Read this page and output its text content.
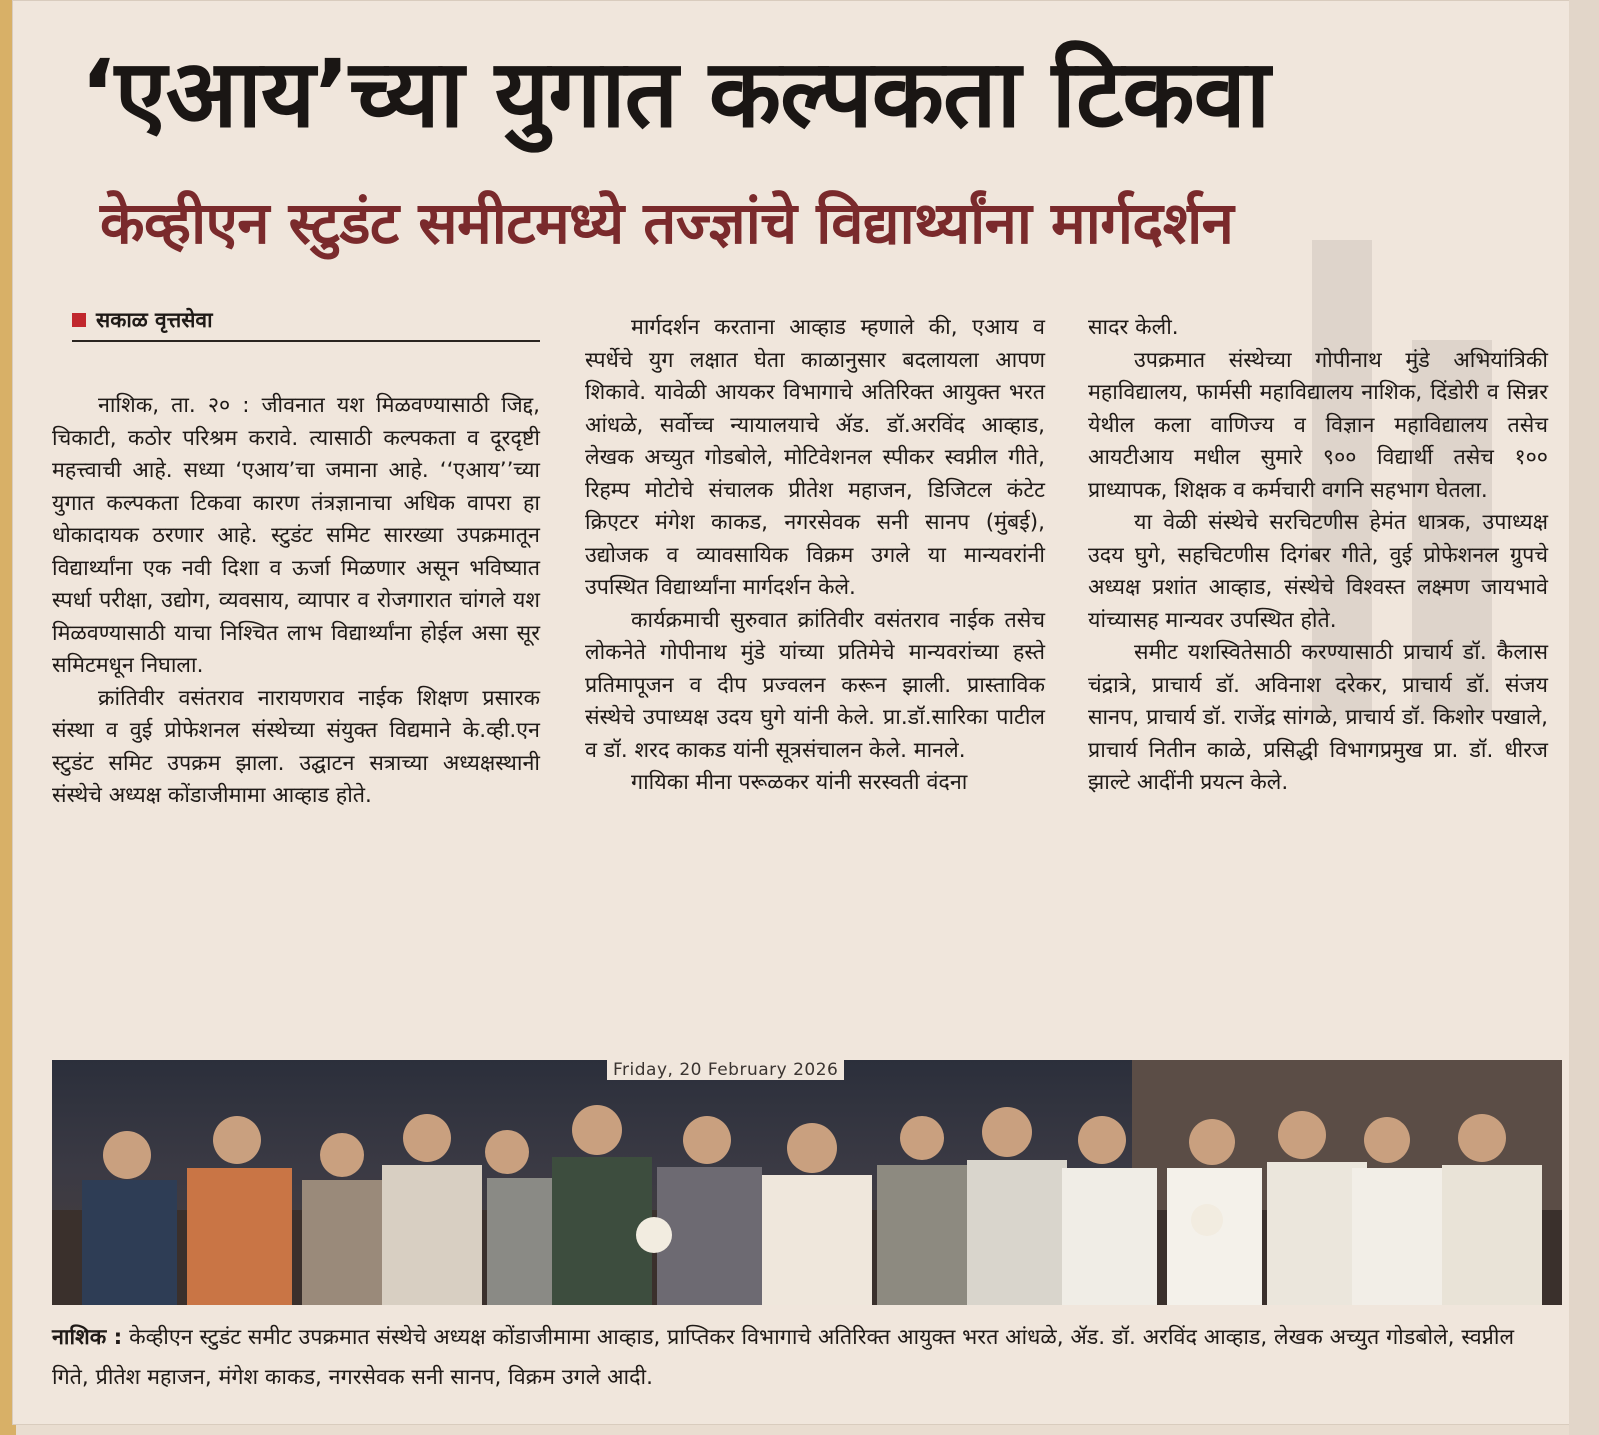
‘एआय’च्या युगात कल्पकता टिकवा
केव्हीएन स्टुडंट समीटमध्ये तज्ज्ञांचे विद्यार्थ्यांना मार्गदर्शन
सकाळ वृत्तसेवा

नाशिक, ता. २० : जीवनात यश मिळवण्यासाठी जिद्द, चिकाटी, कठोर परिश्रम करावे. त्यासाठी कल्पकता व दूरदृष्टी महत्त्वाची आहे. सध्या ‘एआय’चा जमाना आहे. ‘‘एआय’’च्या युगात कल्पकता टिकवा कारण तंत्रज्ञानाचा अधिक वापरा हा धोकादायक ठरणार आहे. स्टुडंट समिट सारख्या उपक्रमातून विद्यार्थ्यांना एक नवी दिशा व ऊर्जा मिळणार असून भविष्यात स्पर्धा परीक्षा, उद्योग, व्यवसाय, व्यापार व रोजगारात चांगले यश मिळवण्यासाठी याचा निश्चित लाभ विद्यार्थ्यांना होईल असा सूर समिटमधून निघाला.

क्रांतिवीर वसंतराव नारायणराव नाईक शिक्षण प्रसारक संस्था व वुई प्रोफेशनल संस्थेच्या संयुक्त विद्यमाने के.व्ही.एन स्टुडंट समिट उपक्रम झाला. उद्घाटन सत्राच्या अध्यक्षस्थानी संस्थेचे अध्यक्ष कोंडाजीमामा आव्हाड होते.

मार्गदर्शन करताना आव्हाड म्हणाले की, एआय व स्पर्धेचे युग लक्षात घेता काळानुसार बदलायला आपण शिकावे. यावेळी आयकर विभागाचे अतिरिक्त आयुक्त भरत आंधळे, सर्वोच्च न्यायालयाचे ॲड. डॉ.अरविंद आव्हाड, लेखक अच्युत गोडबोले, मोटिवेशनल स्पीकर स्वप्नील गीते, रिहम्प मोटोचे संचालक प्रीतेश महाजन, डिजिटल कंटेट क्रिएटर मंगेश काकड, नगरसेवक सनी सानप (मुंबई), उद्योजक व व्यावसायिक विक्रम उगले या मान्यवरांनी उपस्थित विद्यार्थ्यांना मार्गदर्शन केले.

कार्यक्रमाची सुरुवात क्रांतिवीर वसंतराव नाईक तसेच लोकनेते गोपीनाथ मुंडे यांच्या प्रतिमेचे मान्यवरांच्या हस्ते प्रतिमापूजन व दीप प्रज्वलन करून झाली. प्रास्ताविक संस्थेचे उपाध्यक्ष उदय घुगे यांनी केले. प्रा.डॉ.सारिका पाटील व डॉ. शरद काकड यांनी सूत्रसंचालन केले. मानले.

गायिका मीना परूळकर यांनी सरस्वती वंदना

सादर केली.

उपक्रमात संस्थेच्या गोपीनाथ मुंडे अभियांत्रिकी महाविद्यालय, फार्मसी महाविद्यालय नाशिक, दिंडोरी व सिन्नर येथील कला वाणिज्य व विज्ञान महाविद्यालय तसेच आयटीआय मधील सुमारे ९०० विद्यार्थी तसेच १०० प्राध्यापक, शिक्षक व कर्मचारी वगनि सहभाग घेतला.

या वेळी संस्थेचे सरचिटणीस हेमंत धात्रक, उपाध्यक्ष उदय घुगे, सहचिटणीस दिगंबर गीते, वुई प्रोफेशनल ग्रुपचे अध्यक्ष प्रशांत आव्हाड, संस्थेचे विश्वस्त लक्ष्मण जायभावे यांच्यासह मान्यवर उपस्थित होते.

समीट यशस्वितेसाठी करण्यासाठी प्राचार्य डॉ. कैलास चंद्रात्रे, प्राचार्य डॉ. अविनाश दरेकर, प्राचार्य डॉ. संजय सानप, प्राचार्य डॉ. राजेंद्र सांगळे, प्राचार्य डॉ. किशोर पखाले, प्राचार्य नितीन काळे, प्रसिद्धी विभागप्रमुख प्रा. डॉ. धीरज झाल्टे आदींनी प्रयत्न केले.

Friday, 20 February 2026
नाशिक : केव्हीएन स्टुडंट समीट उपक्रमात संस्थेचे अध्यक्ष कोंडाजीमामा आव्हाड, प्राप्तिकर विभागाचे अतिरिक्त आयुक्त भरत आंधळे, ॲड. डॉ. अरविंद आव्हाड, लेखक अच्युत गोडबोले, स्वप्नील गिते, प्रीतेश महाजन, मंगेश काकड, नगरसेवक सनी सानप, विक्रम उगले आदी.
